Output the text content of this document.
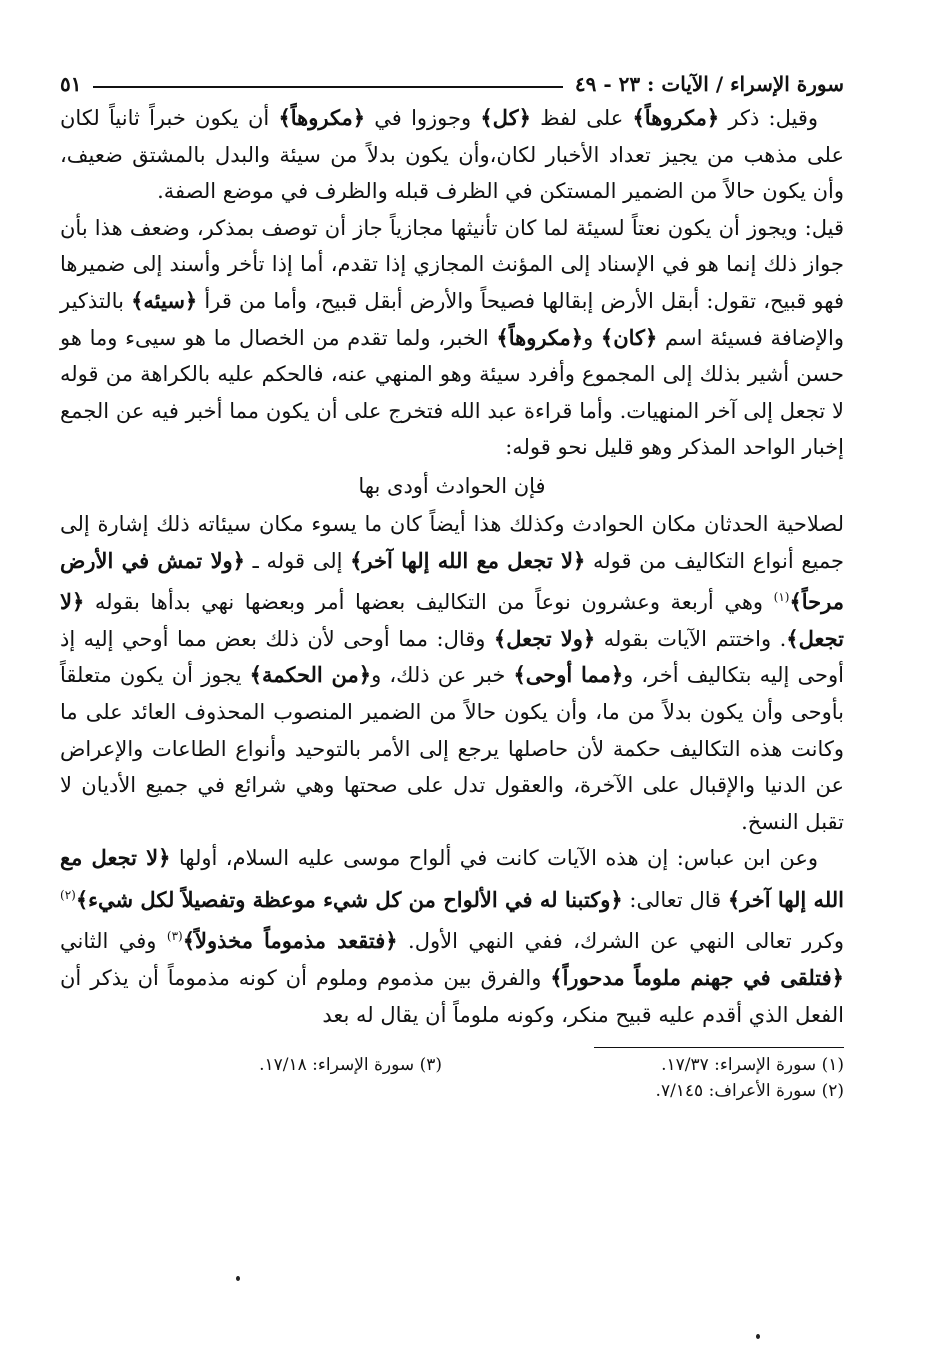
سورة الإسراء / الآيات : ٢٣ - ٤٩
٥١

وقيل: ذكر ﴿مكروهاً﴾ على لفظ ﴿كل﴾ وجوزوا في ﴿مكروهاً﴾ أن يكون خبراً ثانياً لكان على مذهب من يجيز تعداد الأخبار لكان،وأن يكون بدلاً من سيئة والبدل بالمشتق ضعيف، وأن يكون حالاً من الضمير المستكن في الظرف قبله والظرف في موضع الصفة.

قيل: ويجوز أن يكون نعتاً لسيئة لما كان تأنيثها مجازياً جاز أن توصف بمذكر، وضعف هذا بأن جواز ذلك إنما هو في الإسناد إلى المؤنث المجازي إذا تقدم، أما إذا تأخر وأسند إلى ضميرها فهو قبيح، تقول: أبقل الأرض إبقالها فصيحاً والأرض أبقل قبيح، وأما من قرأ ﴿سيئه﴾ بالتذكير والإضافة فسيئة اسم ﴿كان﴾ و﴿مكروهاً﴾ الخبر، ولما تقدم من الخصال ما هو سيىء وما هو حسن أشير بذلك إلى المجموع وأفرد سيئة وهو المنهي عنه، فالحكم عليه بالكراهة من قوله لا تجعل إلى آخر المنهيات. وأما قراءة عبد الله فتخرج على أن يكون مما أخبر فيه عن الجمع إخبار الواحد المذكر وهو قليل نحو قوله:

فإن الحوادث أودى بها

لصلاحية الحدثان مكان الحوادث وكذلك هذا أيضاً كان ما يسوء مكان سيئاته ذلك إشارة إلى جميع أنواع التكاليف من قوله ﴿لا تجعل مع الله إلها آخر﴾ إلى قوله ـ ﴿ولا تمش في الأرض مرحاً﴾$^{(١)}$ وهي أربعة وعشرون نوعاً من التكاليف بعضها أمر وبعضها نهي بدأها بقوله ﴿لا تجعل﴾. واختتم الآيات بقوله ﴿ولا تجعل﴾ وقال: مما أوحى لأن ذلك بعض مما أوحي إليه إذ أوحى إليه بتكاليف أخر، و﴿مما أوحى﴾ خبر عن ذلك، و﴿من الحكمة﴾ يجوز أن يكون متعلقاً بأوحى وأن يكون بدلاً من ما، وأن يكون حالاً من الضمير المنصوب المحذوف العائد على ما وكانت هذه التكاليف حكمة لأن حاصلها يرجع إلى الأمر بالتوحيد وأنواع الطاعات والإعراض عن الدنيا والإقبال على الآخرة، والعقول تدل على صحتها وهي شرائع في جميع الأديان لا تقبل النسخ.

وعن ابن عباس: إن هذه الآيات كانت في ألواح موسى عليه السلام، أولها ﴿لا تجعل مع الله إلها آخر﴾ قال تعالى: ﴿وكتبنا له في الألواح من كل شيء موعظة وتفصيلاً لكل شيء﴾$^{(٢)}$ وكرر تعالى النهي عن الشرك، ففي النهي الأول. ﴿فتقعد مذموماً مخذولاً﴾$^{(٣)}$ وفي الثاني ﴿فتلقى في جهنم ملوماً مدحوراً﴾ والفرق بين مذموم وملوم أن كونه مذموماً أن يذكر أن الفعل الذي أقدم عليه قبيح منكر، وكونه ملوماً أن يقال له بعد

(١) سورة الإسراء: ١٧/٣٧.
(٣) سورة الإسراء: ١٧/١٨.
(٢) سورة الأعراف: ٧/١٤٥.
